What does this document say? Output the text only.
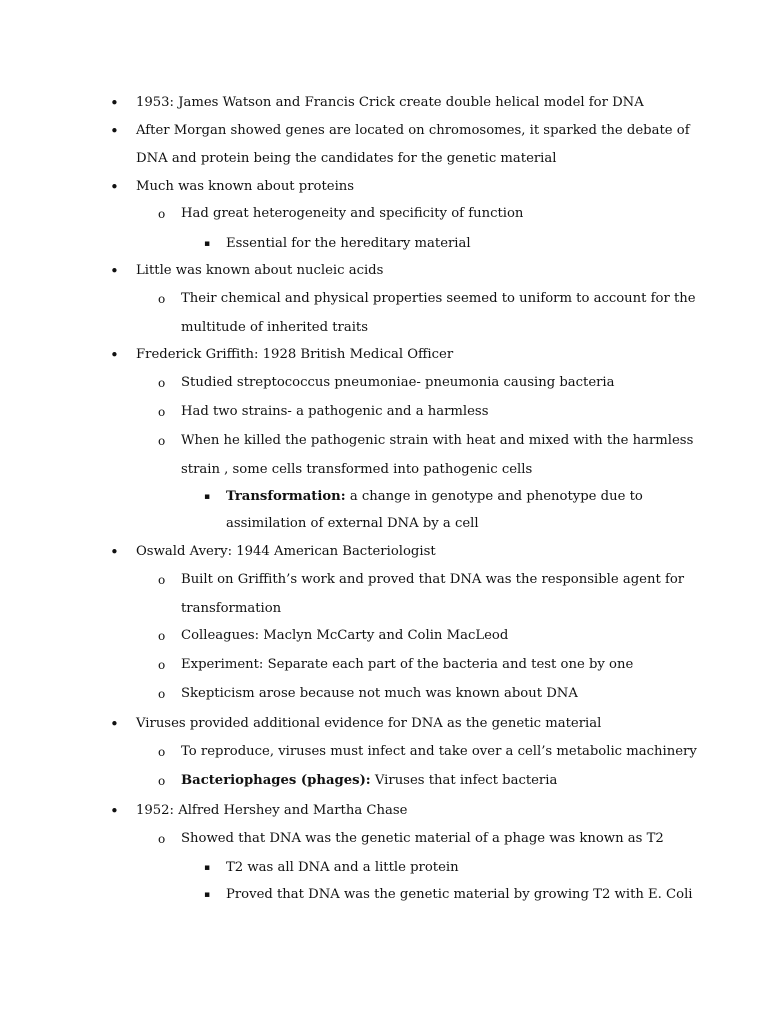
• 1953: James Watson and Francis Crick create double helical model for DNA
• After Morgan showed genes are located on chromosomes, it sparked the debate of
DNA and protein being the candidates for the genetic material
• Much was known about proteins
o Had great heterogeneity and specificity of function
▪ Essential for the hereditary material
• Little was known about nucleic acids
o Their chemical and physical properties seemed to uniform to account for the
multitude of inherited traits
• Frederick Griffith: 1928 British Medical Officer
o Studied streptococcus pneumoniae- pneumonia causing bacteria
o Had two strains- a pathogenic and a harmless
o When he killed the pathogenic strain with heat and mixed with the harmless
strain , some cells transformed into pathogenic cells
▪ Transformation: a change in genotype and phenotype due to
assimilation of external DNA by a cell
• Oswald Avery: 1944 American Bacteriologist
o Built on Griffith’s work and proved that DNA was the responsible agent for
transformation
o Colleagues: Maclyn McCarty and Colin MacLeod
o Experiment: Separate each part of the bacteria and test one by one
o Skepticism arose because not much was known about DNA
• Viruses provided additional evidence for DNA as the genetic material
o To reproduce, viruses must infect and take over a cell’s metabolic machinery
o Bacteriophages (phages): Viruses that infect bacteria
• 1952: Alfred Hershey and Martha Chase
o Showed that DNA was the genetic material of a phage was known as T2
▪ T2 was all DNA and a little protein
▪ Proved that DNA was the genetic material by growing T2 with E. Coli
